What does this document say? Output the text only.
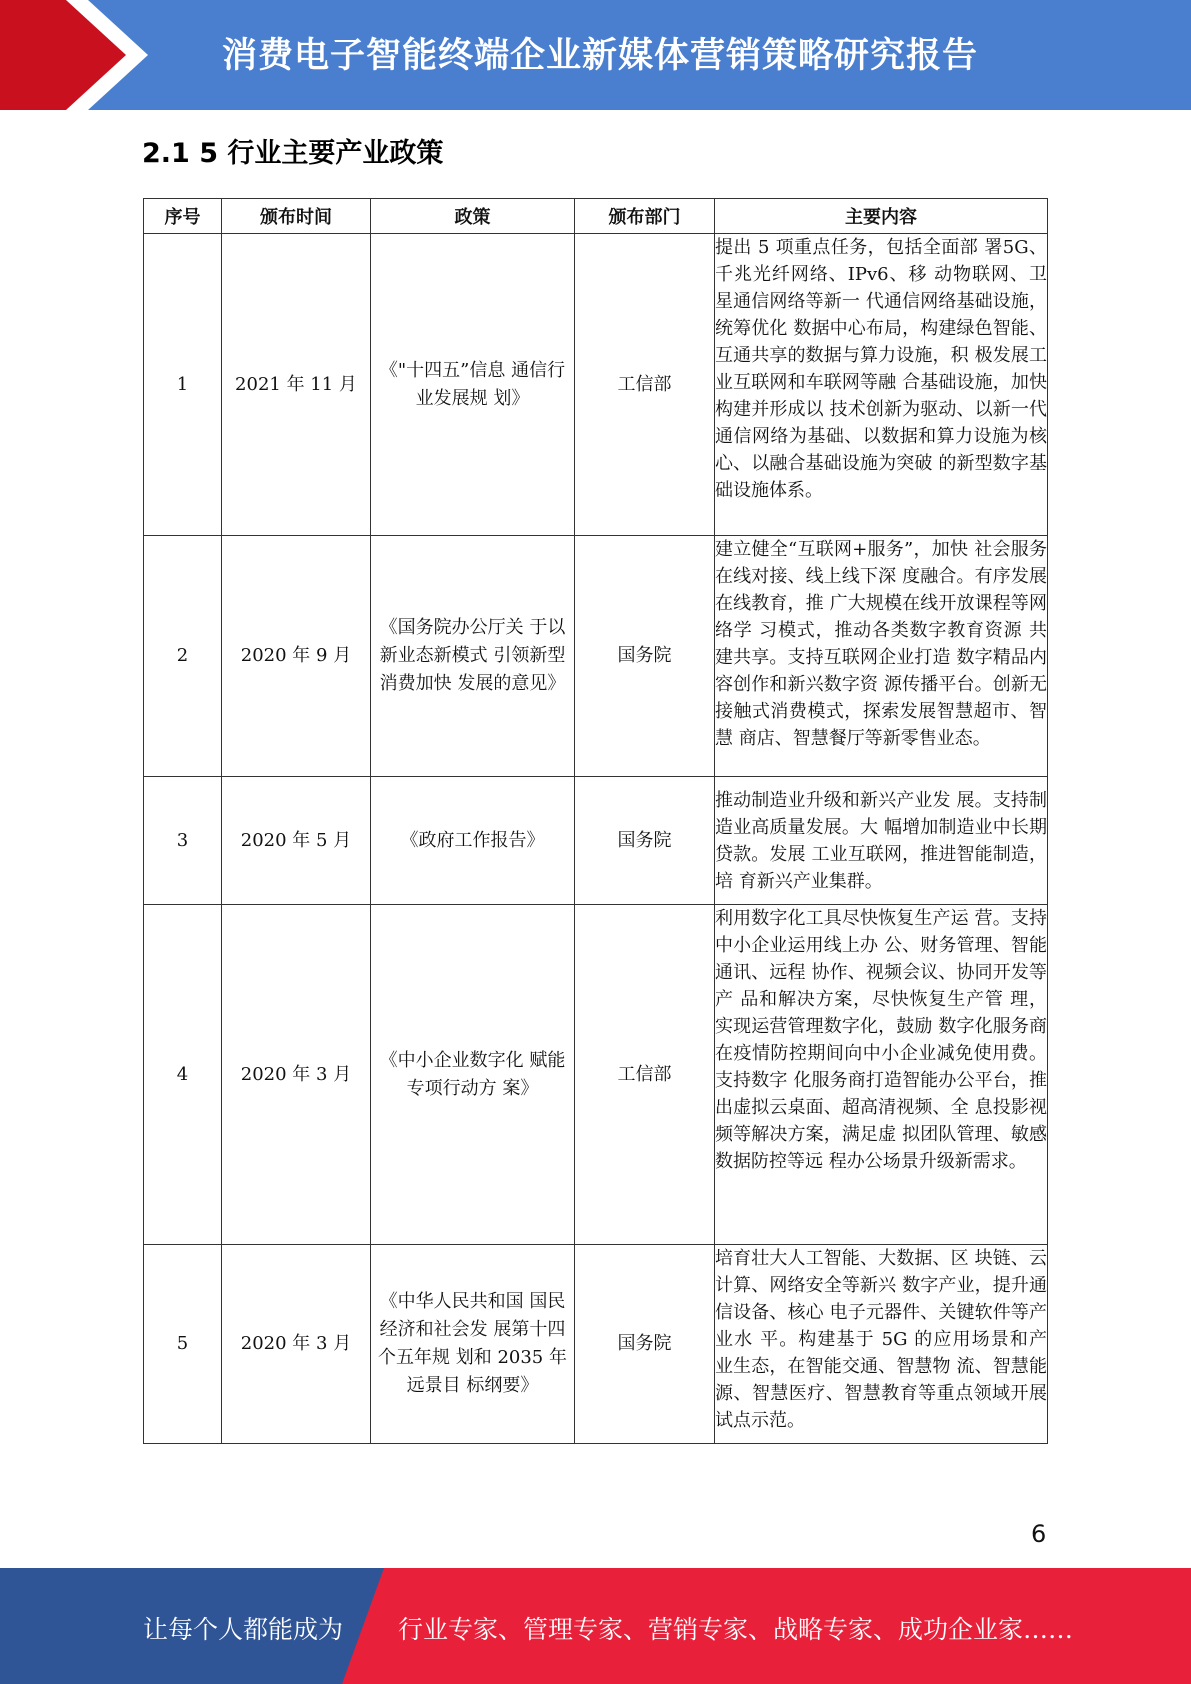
消费电子智能终端企业新媒体营销策略研究报告
2.1 5 行业主要产业政策
序号	颁布时间	政策	颁布部门	主要内容
1	2021 年 11 月	《"十四五”信息 通信行业发展规 划》	工信部	提出 5 项重点任务，包括全面部 署5G、千兆光纤网络、IPv6、移 动物联网、卫星通信网络等新一 代通信网络基础设施，统筹优化 数据中心布局，构建绿色智能、 互通共享的数据与算力设施，积 极发展工业互联网和车联网等融 合基础设施，加快构建并形成以 技术创新为驱动、以新一代通信网络为基础、以数据和算力设施为核心、以融合基础设施为突破 的新型数字基础设施体系。
2	2020 年 9 月	《国务院办公厅关 于以新业态新模式 引领新型消费加快 发展的意见》	国务院	建立健全“互联网+服务”，加快 社会服务在线对接、线上线下深 度融合。有序发展在线教育，推 广大规模在线开放课程等网络学 习模式，推动各类数字教育资源 共建共享。支持互联网企业打造 数字精品内容创作和新兴数字资 源传播平台。创新无接触式消费模式，探索发展智慧超市、智慧 商店、智慧餐厅等新零售业态。
3	2020 年 5 月	《政府工作报告》	国务院	推动制造业升级和新兴产业发 展。支持制造业高质量发展。大 幅增加制造业中长期贷款。发展 工业互联网，推进智能制造，培 育新兴产业集群。
4	2020 年 3 月	《中小企业数字化 赋能专项行动方 案》	工信部	利用数字化工具尽快恢复生产运 营。支持中小企业运用线上办 公、财务管理、智能通讯、远程 协作、视频会议、协同开发等产 品和解决方案，尽快恢复生产管 理，实现运营管理数字化，鼓励 数字化服务商在疫情防控期间向中小企业减免使用费。支持数字 化服务商打造智能办公平台，推 出虚拟云桌面、超高清视频、全 息投影视频等解决方案，满足虚 拟团队管理、敏感数据防控等远 程办公场景升级新需求。
5	2020 年 3 月	《中华人民共和国 国民经济和社会发 展第十四个五年规 划和 2035 年远景目 标纲要》	国务院	培育壮大人工智能、大数据、区 块链、云计算、网络安全等新兴 数字产业，提升通信设备、核心 电子元器件、关键软件等产业水 平。构建基于 5G 的应用场景和产 业生态，在智能交通、智慧物 流、智慧能源、智慧医疗、智慧教育等重点领域开展试点示范。
6
让每个人都能成为 行业专家、管理专家、营销专家、战略专家、成功企业家……
